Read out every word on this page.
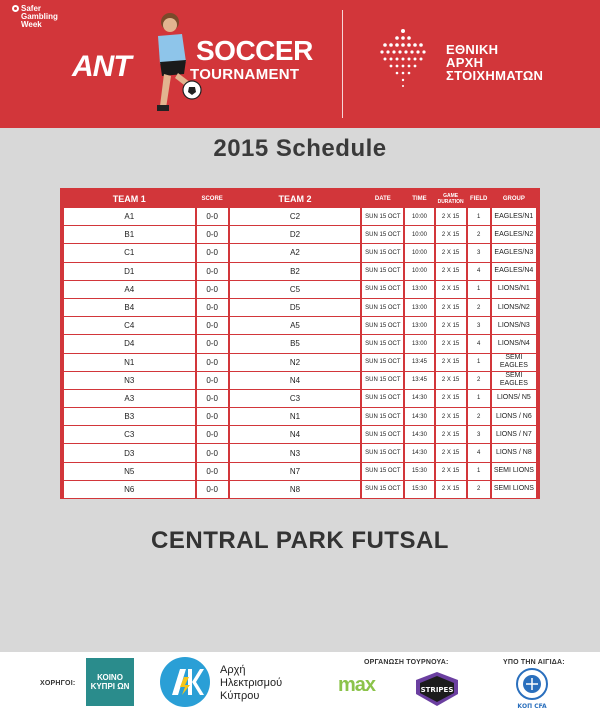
Safer
Gambling
Week
ANT SOCCER
TOURNAMENT
ΕΘΝΙΚΗ
ΑΡΧΗ
ΣΤΟΙΧΗΜΑΤΩΝ
2015 Schedule
TEAM 1	SCORE	TEAM 2	DATE	TIME	GAME DURATION	FIELD	GROUP
A1	0-0	C2	SUN 15 OCT	10:00	2 X 15	1	EAGLES/N1
B1	0-0	D2	SUN 15 OCT	10:00	2 X 15	2	EAGLES/N2
C1	0-0	A2	SUN 15 OCT	10:00	2 X 15	3	EAGLES/N3
D1	0-0	B2	SUN 15 OCT	10:00	2 X 15	4	EAGLES/N4
A4	0-0	C5	SUN 15 OCT	13:00	2 X 15	1	LIONS/N1
B4	0-0	D5	SUN 15 OCT	13:00	2 X 15	2	LIONS/N2
C4	0-0	A5	SUN 15 OCT	13:00	2 X 15	3	LIONS/N3
D4	0-0	B5	SUN 15 OCT	13:00	2 X 15	4	LIONS/N4
N1	0-0	N2	SUN 15 OCT	13:45	2 X 15	1	SEMI EAGLES
N3	0-0	N4	SUN 15 OCT	13:45	2 X 15	2	SEMI EAGLES
A3	0-0	C3	SUN 15 OCT	14:30	2 X 15	1	LIONS/ N5
B3	0-0	N1	SUN 15 OCT	14:30	2 X 15	2	LIONS / N6
C3	0-0	N4	SUN 15 OCT	14:30	2 X 15	3	LIONS / N7
D3	0-0	N3	SUN 15 OCT	14:30	2 X 15	4	LIONS / N8
N5	0-0	N7	SUN 15 OCT	15:30	2 X 15	1	SEMI LIONS
N6	0-0	N8	SUN 15 OCT	15:30	2 X 15	2	SEMI LIONS
CENTRAL PARK FUTSAL
ΧΟΡΗΓΟΙ:
ΚΟΙΝΟ ΚΥΠΡΙ ΩΝ
Αρχή
Ηλεκτρισμού
Κύπρου
ΟΡΓΑΝΩΣΗ ΤΟΥΡΝΟΥΑ:
max	STRIPES
ΥΠΟ ΤΗΝ ΑΙΓΙΔΑ:
ΚΟΠ CFA
